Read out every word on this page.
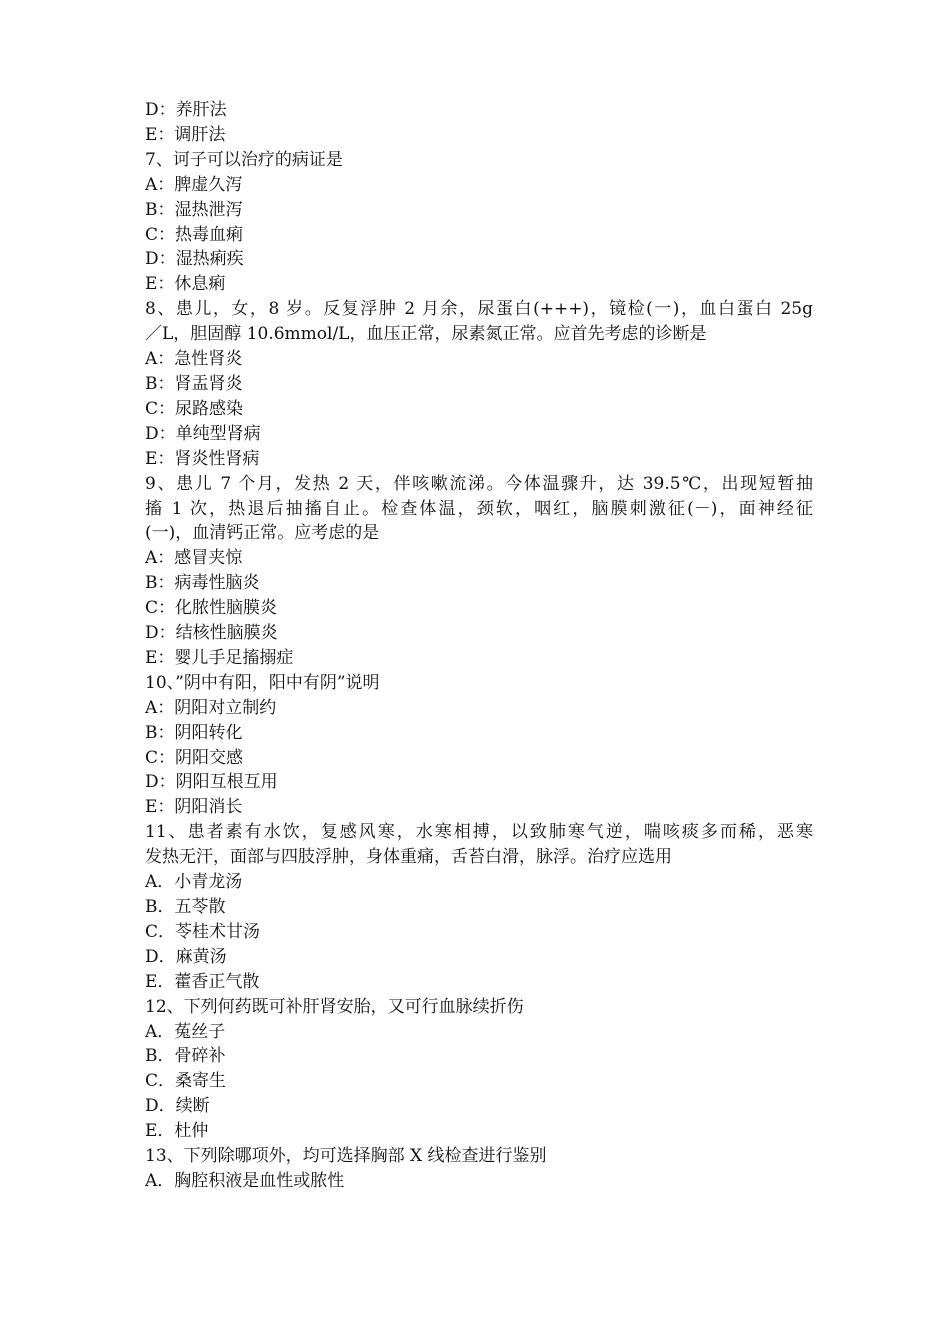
D：养肝法
E：调肝法
7、诃子可以治疗的病证是
A：脾虚久泻
B：湿热泄泻
C：热毒血痢
D：湿热痢疾
E：休息痢
8、患儿，女，8 岁。反复浮肿 2 月余，尿蛋白(+++)，镜检(一)，血白蛋白 25g
／L，胆固醇 10.6mmol/L，血压正常，尿素氮正常。应首先考虑的诊断是
A：急性肾炎
B：肾盂肾炎
C：尿路感染
D：单纯型肾病
E：肾炎性肾病
9、患儿 7 个月，发热 2 天，伴咳嗽流涕。今体温骤升，达 39.5℃，出现短暂抽
搐 1 次，热退后抽搐自止。检查体温，颈软，咽红，脑膜刺激征(－)，面神经征
(一)，血清钙正常。应考虑的是
A：感冒夹惊
B：病毒性脑炎
C：化脓性脑膜炎
D：结核性脑膜炎
E：婴儿手足搐搦症
10、”阴中有阳，阳中有阴”说明
A：阴阳对立制约
B：阴阳转化
C：阴阳交感
D：阴阳互根互用
E：阴阳消长
11、患者素有水饮，复感风寒，水寒相搏，以致肺寒气逆，喘咳痰多而稀，恶寒
发热无汗，面部与四肢浮肿，身体重痛，舌苔白滑，脉浮。治疗应选用
A．小青龙汤
B．五苓散
C．苓桂术甘汤
D．麻黄汤
E．藿香正气散
12、下列何药既可补肝肾安胎，又可行血脉续折伤
A．菟丝子
B．骨碎补
C．桑寄生
D．续断
E．杜仲
13、下列除哪项外，均可选择胸部 X 线检查进行鉴别
A．胸腔积液是血性或脓性
